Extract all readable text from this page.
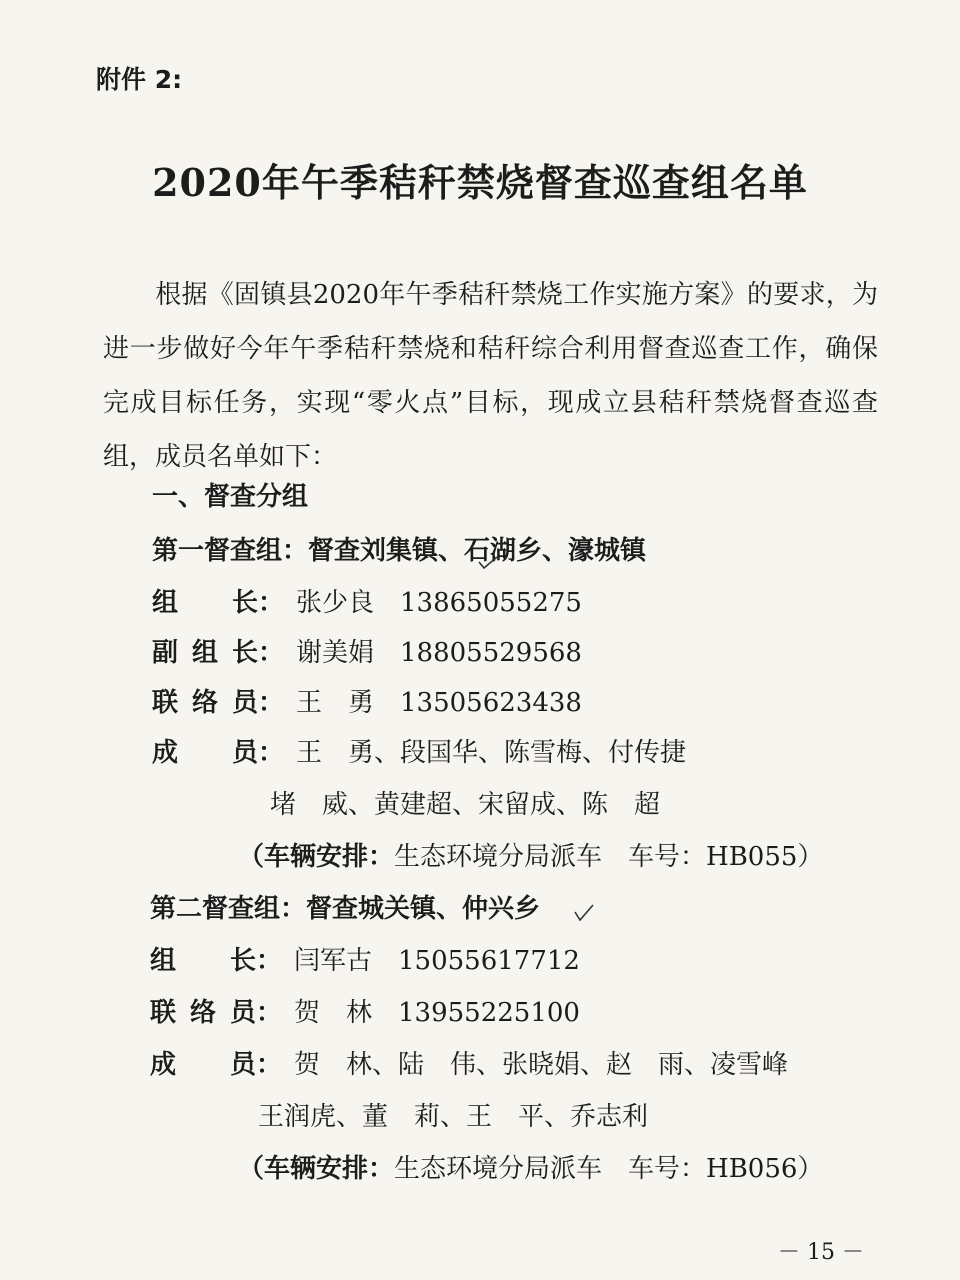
附件 2:
2020年午季秸秆禁烧督查巡查组名单
根据《固镇县2020年午季秸秆禁烧工作实施方案》的要求，为进一步做好今年午季秸秆禁烧和秸秆综合利用督查巡查工作，确保完成目标任务，实现“零火点”目标，现成立县秸秆禁烧督查巡查组，成员名单如下：
一、督查分组
第一督查组：督查刘集镇、石湖乡、濠城镇
组　长： 张少良　13865055275
副组长： 谢美娟　18805529568
联络员： 王　勇　13505623438
成　员： 王　勇、段国华、陈雪梅、付传捷
堵　威、黄建超、宋留成、陈　超
（车辆安排：生态环境分局派车　车号：HB055）
第二督查组：督查城关镇、仲兴乡
组　长： 闫军古　15055617712
联络员： 贺　林　13955225100
成　员： 贺　林、陆　伟、张晓娟、赵　雨、凌雪峰
王润虎、董　莉、王　平、乔志利
（车辆安排：生态环境分局派车　车号：HB056）
－ 15 －
